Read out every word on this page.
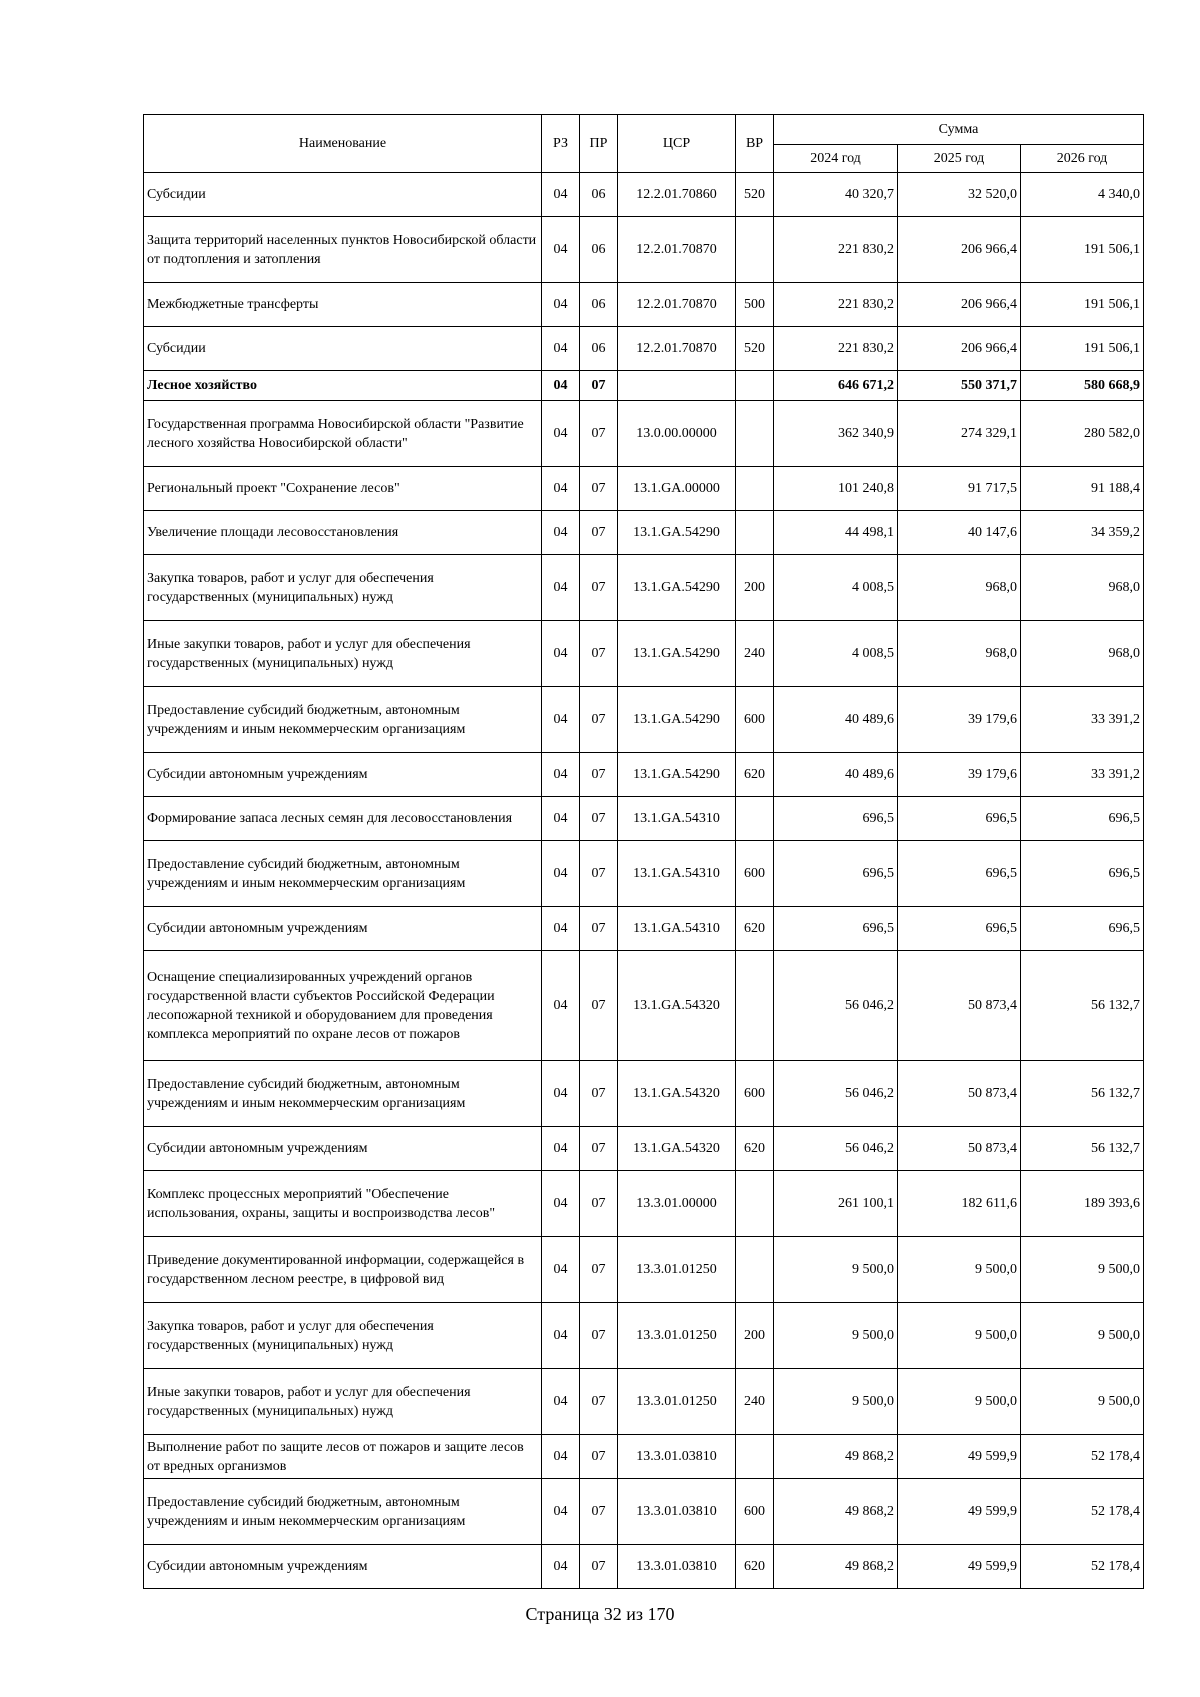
Наименование	РЗ	ПР	ЦСР	ВР	Сумма		
					2024 год	2025 год	2026 год
Субсидии	04	06	12.2.01.70860	520	40 320,7	32 520,0	4 340,0
Защита территорий населенных пунктов Новосибирской области от подтопления и затопления	04	06	12.2.01.70870		221 830,2	206 966,4	191 506,1
Межбюджетные трансферты	04	06	12.2.01.70870	500	221 830,2	206 966,4	191 506,1
Субсидии	04	06	12.2.01.70870	520	221 830,2	206 966,4	191 506,1
Лесное хозяйство	04	07			646 671,2	550 371,7	580 668,9
Государственная программа Новосибирской области "Развитие лесного хозяйства Новосибирской области"	04	07	13.0.00.00000		362 340,9	274 329,1	280 582,0
Региональный проект "Сохранение лесов"	04	07	13.1.GA.00000		101 240,8	91 717,5	91 188,4
Увеличение площади лесовосстановления	04	07	13.1.GA.54290		44 498,1	40 147,6	34 359,2
Закупка товаров, работ и услуг для обеспечения государственных (муниципальных) нужд	04	07	13.1.GA.54290	200	4 008,5	968,0	968,0
Иные закупки товаров, работ и услуг для обеспечения государственных (муниципальных) нужд	04	07	13.1.GA.54290	240	4 008,5	968,0	968,0
Предоставление субсидий бюджетным, автономным учреждениям и иным некоммерческим организациям	04	07	13.1.GA.54290	600	40 489,6	39 179,6	33 391,2
Субсидии автономным учреждениям	04	07	13.1.GA.54290	620	40 489,6	39 179,6	33 391,2
Формирование запаса лесных семян для лесовосстановления	04	07	13.1.GA.54310		696,5	696,5	696,5
Предоставление субсидий бюджетным, автономным учреждениям и иным некоммерческим организациям	04	07	13.1.GA.54310	600	696,5	696,5	696,5
Субсидии автономным учреждениям	04	07	13.1.GA.54310	620	696,5	696,5	696,5
Оснащение специализированных учреждений органов государственной власти субъектов Российской Федерации лесопожарной техникой и оборудованием для проведения комплекса мероприятий по охране лесов от пожаров	04	07	13.1.GA.54320		56 046,2	50 873,4	56 132,7
Предоставление субсидий бюджетным, автономным учреждениям и иным некоммерческим организациям	04	07	13.1.GA.54320	600	56 046,2	50 873,4	56 132,7
Субсидии автономным учреждениям	04	07	13.1.GA.54320	620	56 046,2	50 873,4	56 132,7
Комплекс процессных мероприятий "Обеспечение использования, охраны, защиты и воспроизводства лесов"	04	07	13.3.01.00000		261 100,1	182 611,6	189 393,6
Приведение документированной информации, содержащейся в государственном лесном реестре, в цифровой вид	04	07	13.3.01.01250		9 500,0	9 500,0	9 500,0
Закупка товаров, работ и услуг для обеспечения государственных (муниципальных) нужд	04	07	13.3.01.01250	200	9 500,0	9 500,0	9 500,0
Иные закупки товаров, работ и услуг для обеспечения государственных (муниципальных) нужд	04	07	13.3.01.01250	240	9 500,0	9 500,0	9 500,0
Выполнение работ по защите лесов от пожаров и защите лесов от вредных организмов	04	07	13.3.01.03810		49 868,2	49 599,9	52 178,4
Предоставление субсидий бюджетным, автономным учреждениям и иным некоммерческим организациям	04	07	13.3.01.03810	600	49 868,2	49 599,9	52 178,4
Субсидии автономным учреждениям	04	07	13.3.01.03810	620	49 868,2	49 599,9	52 178,4
Страница 32 из 170
